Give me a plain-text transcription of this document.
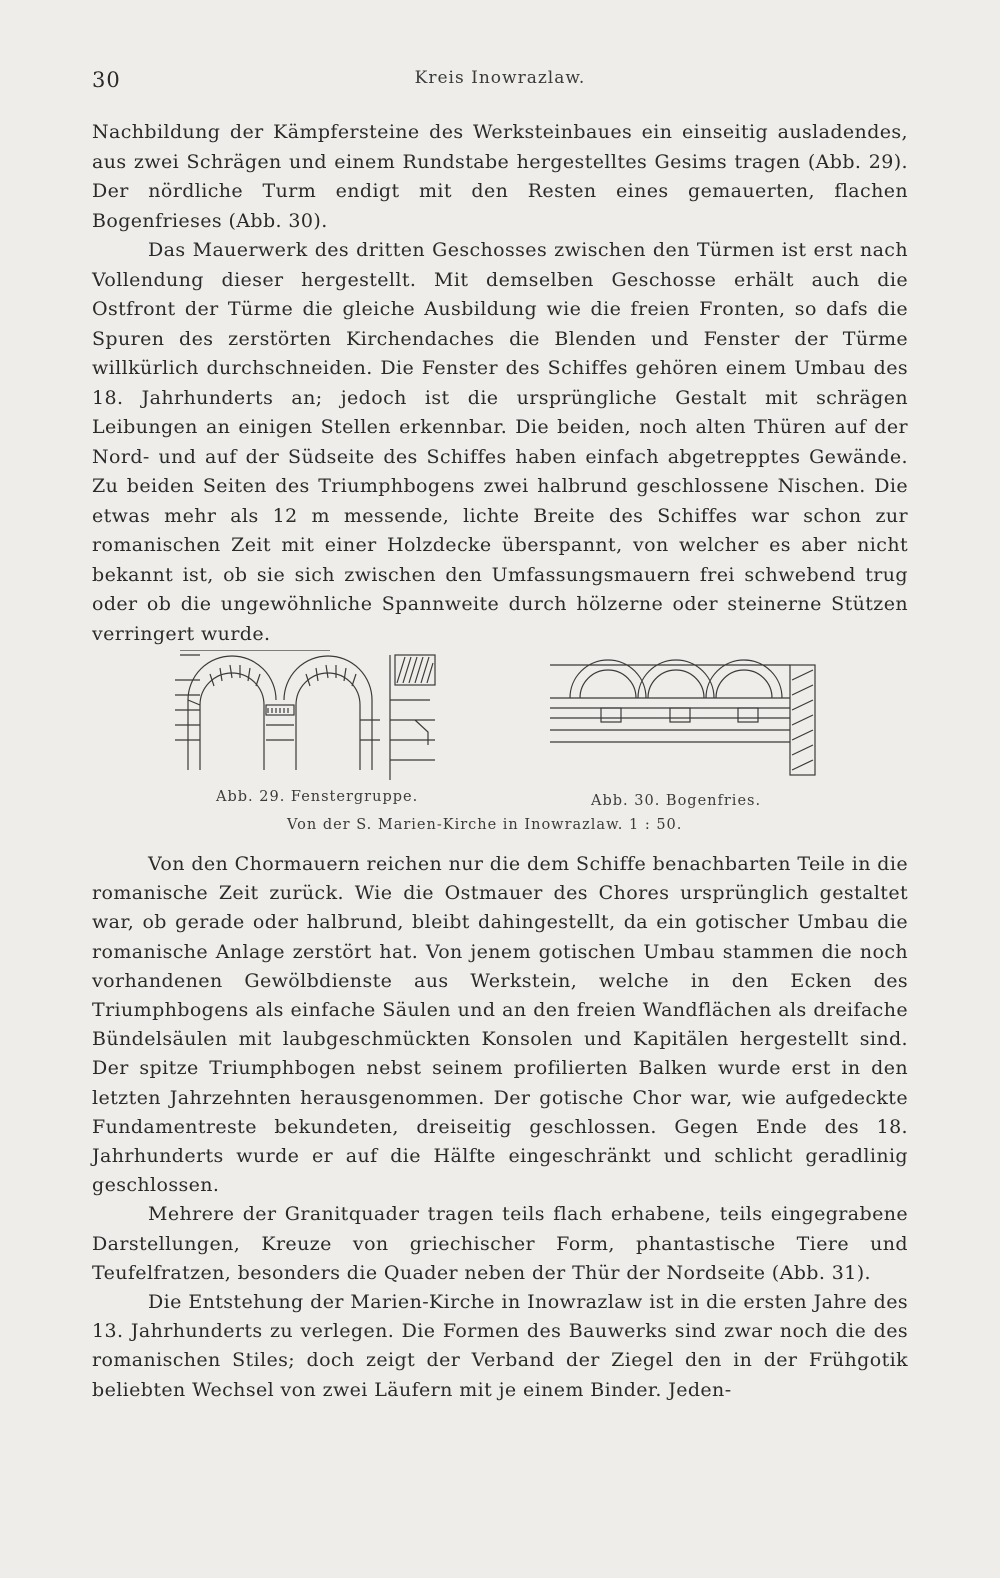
30	Kreis Inowrazlaw.

Nachbildung der Kämpfersteine des Werksteinbaues ein einseitig ausladendes, aus zwei Schrägen und einem Rundstabe hergestelltes Gesims tragen (Abb. 29). Der nördliche Turm endigt mit den Resten eines gemauerten, flachen Bogenfrieses (Abb. 30).

Das Mauerwerk des dritten Geschosses zwischen den Türmen ist erst nach Vollendung dieser hergestellt. Mit demselben Geschosse erhält auch die Ostfront der Türme die gleiche Ausbildung wie die freien Fronten, so dafs die Spuren des zerstörten Kirchendaches die Blenden und Fenster der Türme willkürlich durchschneiden. Die Fenster des Schiffes gehören einem Umbau des 18. Jahrhunderts an; jedoch ist die ursprüngliche Gestalt mit schrägen Leibungen an einigen Stellen erkennbar. Die beiden, noch alten Thüren auf der Nord- und auf der Südseite des Schiffes haben einfach abgetrepptes Gewände. Zu beiden Seiten des Triumphbogens zwei halbrund geschlossene Nischen. Die etwas mehr als 12 m messende, lichte Breite des Schiffes war schon zur romanischen Zeit mit einer Holzdecke überspannt, von welcher es aber nicht bekannt ist, ob sie sich zwischen den Umfassungsmauern frei schwebend trug oder ob die ungewöhnliche Spannweite durch hölzerne oder steinerne Stützen verringert wurde.

Abb. 29. Fenstergruppe.	Abb. 30. Bogenfries.
Von der S. Marien-Kirche in Inowrazlaw. 1 : 50.

Von den Chormauern reichen nur die dem Schiffe benachbarten Teile in die romanische Zeit zurück. Wie die Ostmauer des Chores ursprünglich gestaltet war, ob gerade oder halbrund, bleibt dahingestellt, da ein gotischer Umbau die romanische Anlage zerstört hat. Von jenem gotischen Umbau stammen die noch vorhandenen Gewölbdienste aus Werkstein, welche in den Ecken des Triumphbogens als einfache Säulen und an den freien Wandflächen als dreifache Bündelsäulen mit laubgeschmückten Konsolen und Kapitälen hergestellt sind. Der spitze Triumphbogen nebst seinem profilierten Balken wurde erst in den letzten Jahrzehnten herausgenommen. Der gotische Chor war, wie aufgedeckte Fundamentreste bekundeten, dreiseitig geschlossen. Gegen Ende des 18. Jahrhunderts wurde er auf die Hälfte eingeschränkt und schlicht geradlinig geschlossen.

Mehrere der Granitquader tragen teils flach erhabene, teils eingegrabene Darstellungen, Kreuze von griechischer Form, phantastische Tiere und Teufelfratzen, besonders die Quader neben der Thür der Nordseite (Abb. 31).

Die Entstehung der Marien-Kirche in Inowrazlaw ist in die ersten Jahre des 13. Jahrhunderts zu verlegen. Die Formen des Bauwerks sind zwar noch die des romanischen Stiles; doch zeigt der Verband der Ziegel den in der Frühgotik beliebten Wechsel von zwei Läufern mit je einem Binder. Jeden-
